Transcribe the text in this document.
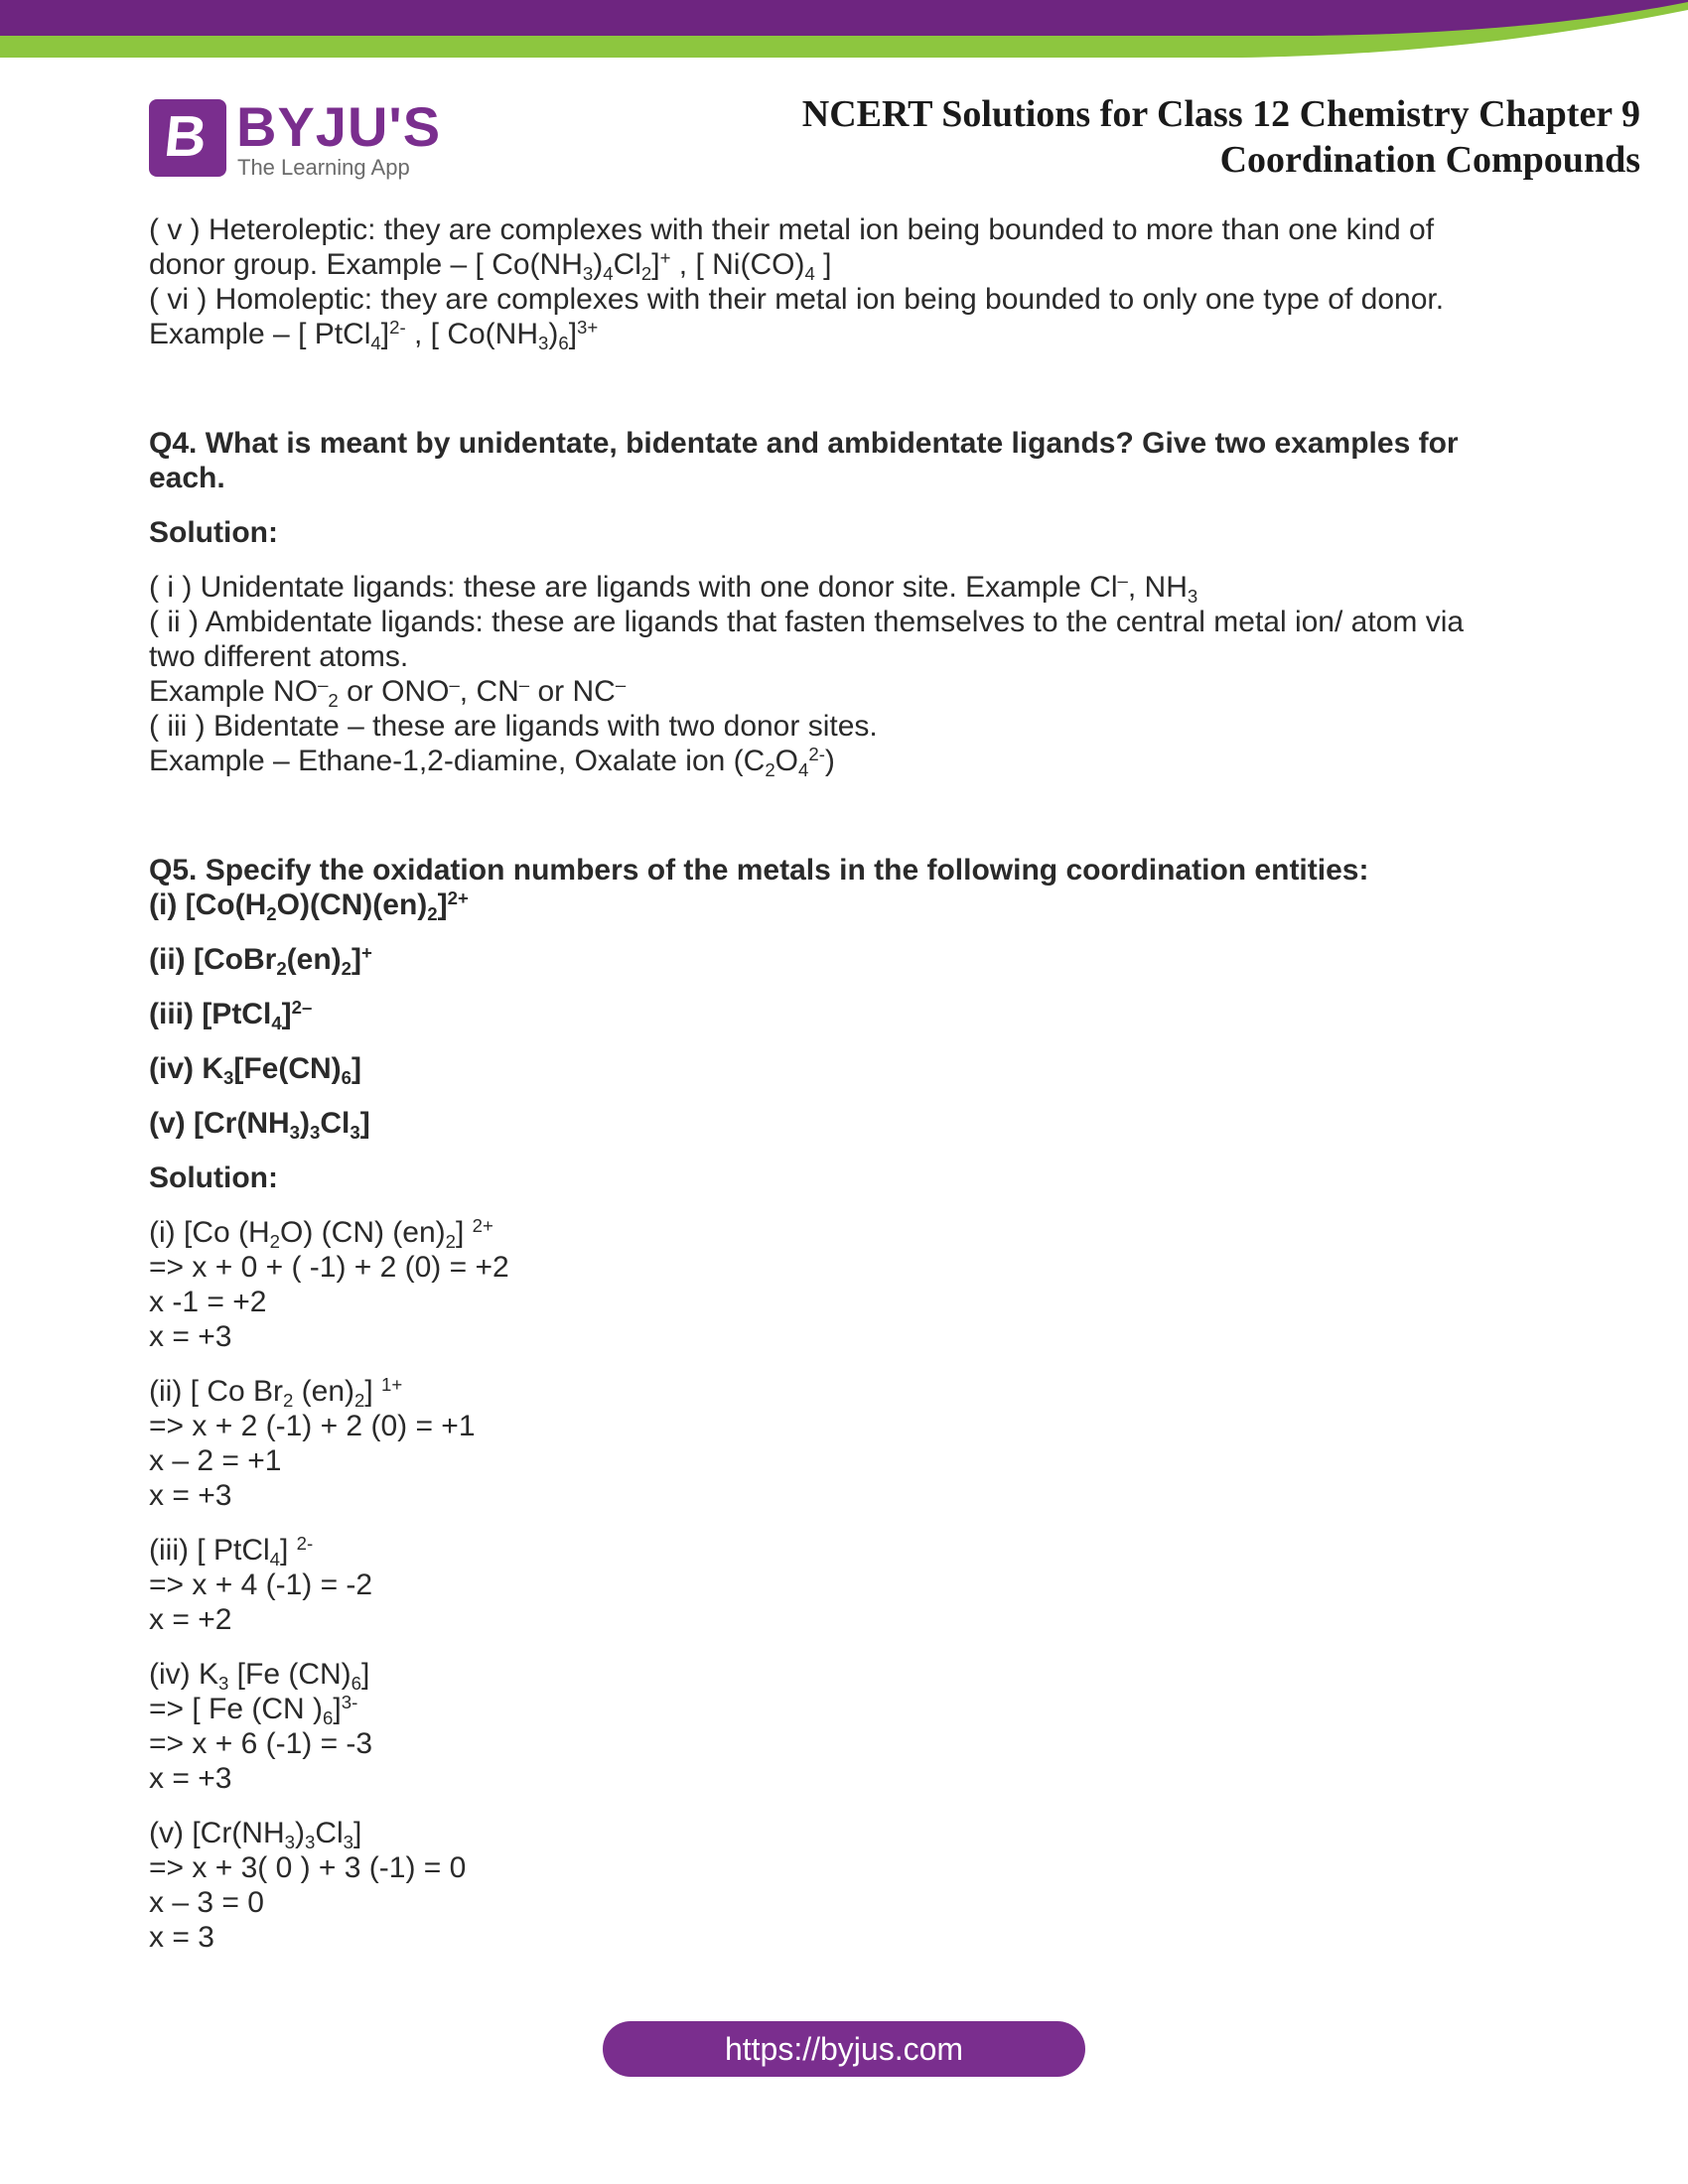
B BYJU'S
The Learning App
NCERT Solutions for Class 12 Chemistry Chapter 9
Coordination Compounds

( v ) Heteroleptic: they are complexes with their metal ion being bounded to more than one kind of

donor group. Example – [ $Co(NH_3)_4Cl_2]^+$ , [ $Ni(CO)_4$ ]

( vi ) Homoleptic: they are complexes with their metal ion being bounded to only one type of donor.

Example – [ PtCl$_4$]$^{2-}$ , [ $Co(NH_3)_6]^{3+}$

Q4. What is meant by unidentate, bidentate and ambidentate ligands? Give two examples for

each.

Solution:

( i ) Unidentate ligands: these are ligands with one donor site. Example Cl–, $NH_3$

( ii ) Ambidentate ligands: these are ligands that fasten themselves to the central metal ion/ atom via

two different atoms.

Example $NO^-_2$ or ONO–, CN– or NC–

( iii ) Bidentate – these are ligands with two donor sites.

Example – Ethane-1,2-diamine, Oxalate ion $(C_2O_4^{2-})$

Q5. Specify the oxidation numbers of the metals in the following coordination entities:

(i) $[Co(H_2O)(CN)(en)_2]^{2+}$

(ii) $[CoBr_2(en)_2]^+$

(iii) [PtCl$_4$]$^{2-}$

(iv) $K_3[Fe(CN)_6]$

(v) $[Cr(NH_3)_3Cl_3]$

Solution:

(i) [Co $(H_2O)$ (CN) $(en)_2$] $^{2+}$

=> x + 0 + ( -1) + 2 (0) = +2

x -1 = +2

x = +3

(ii) [ Co $Br_2$ $(en)_2$] $^{1+}$

=> x + 2 (-1) + 2 (0) = +1

x – 2 = +1

x = +3

(iii) [ PtCl$_4$] $^{2-}$

=> x + 4 (-1) = -2

x = +2

(iv) $K_3$ [Fe $(CN)_6$]

=> [ Fe (CN )$_6]^{3-}$

=> x + 6 (-1) = -3

x = +3

(v) $[Cr(NH_3)_3Cl_3]$

=> x + 3( 0 ) + 3 (-1) = 0

x – 3 = 0

x = 3

https://byjus.com
